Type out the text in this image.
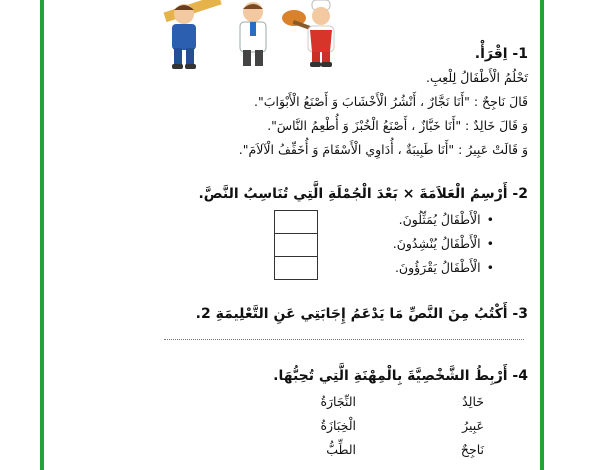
1- اِقْرَأْ.
تَحْلُمُ الْأَطْفَالُ لِلْعِبِ.
قَالَ نَاجِحٌ : "أَنَا نَجَّارٌ ، أَنْشُرُ الْأَخْشَابَ وَ أَصْنَعُ الْأَبْوَابَ".
وَ قَالَ خَالِدٌ : "أَنَا خَبَّازٌ ، أَصْنَعُ الْخُبْزَ وَ أُطْعِمُ النَّاسَ".
وَ قَالَتْ عَبِيرُ : "أَنَا طَبِيبَةٌ ، أُدَاوِي الْأَسْقَامَ وَ أُخَفِّفُ الْآلاَمَ".
2- أَرْسِمُ الْعَلاَمَةَ × بَعْدَ الْجُمْلَةِ الَّتِي تُنَاسِبُ النَّصَّ.
•الْأَطْفَالُ يُمَثِّلُونَ.
•الْأَطْفَالُ يُنْشِدُونَ.
•الْأَطْفَالُ يَقْرَؤُونَ.
3- أَكْتُبُ مِنَ النَّصِّ مَا يَدْعَمُ إِجَابَتِي عَنِ التَّعْلِيمَةِ 2.
4- أَرْبِطُ الشَّخْصِيَّةَ بِالْمِهْنَةِ الَّتِي تُحِبُّهَا.
خَالِدٌ
عَبِيرُ
نَاجِحٌ
النِّجَارَةُ
الْخِبَازَةُ
الطِّبُّ
